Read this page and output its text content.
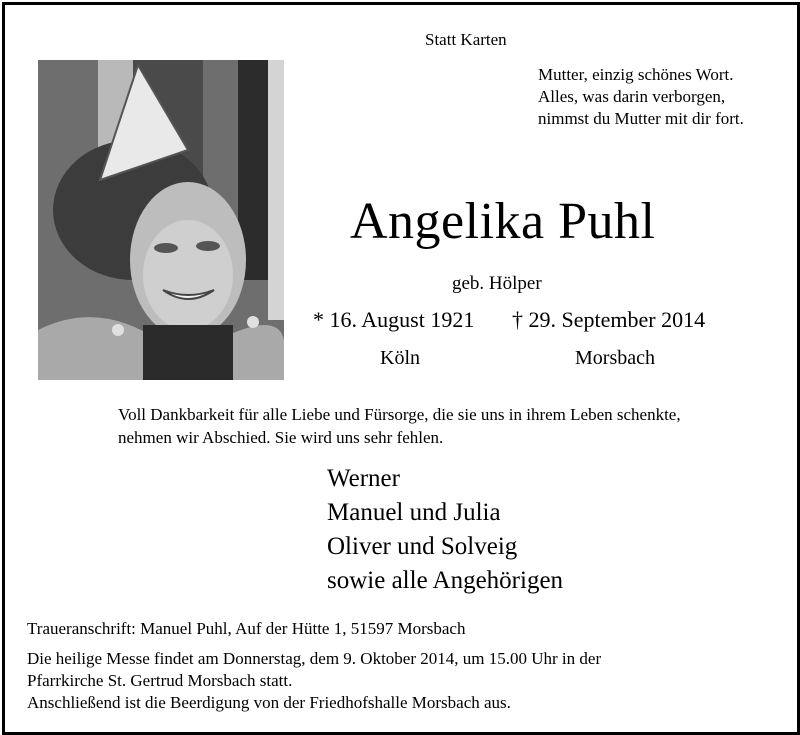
Statt Karten
Mutter, einzig schönes Wort.
Alles, was darin verborgen,
nimmst du Mutter mit dir fort.
Angelika Puhl
geb. Hölper
* 16. August 1921 † 29. September 2014
Köln	Morsbach
Voll Dankbarkeit für alle Liebe und Fürsorge, die sie uns in ihrem Leben schenkte,
nehmen wir Abschied. Sie wird uns sehr fehlen.
Werner
Manuel und Julia
Oliver und Solveig
sowie alle Angehörigen
Traueranschrift: Manuel Puhl, Auf der Hütte 1, 51597 Morsbach
Die heilige Messe findet am Donnerstag, dem 9. Oktober 2014, um 15.00 Uhr in der
Pfarrkirche St. Gertrud Morsbach statt.
Anschließend ist die Beerdigung von der Friedhofshalle Morsbach aus.
